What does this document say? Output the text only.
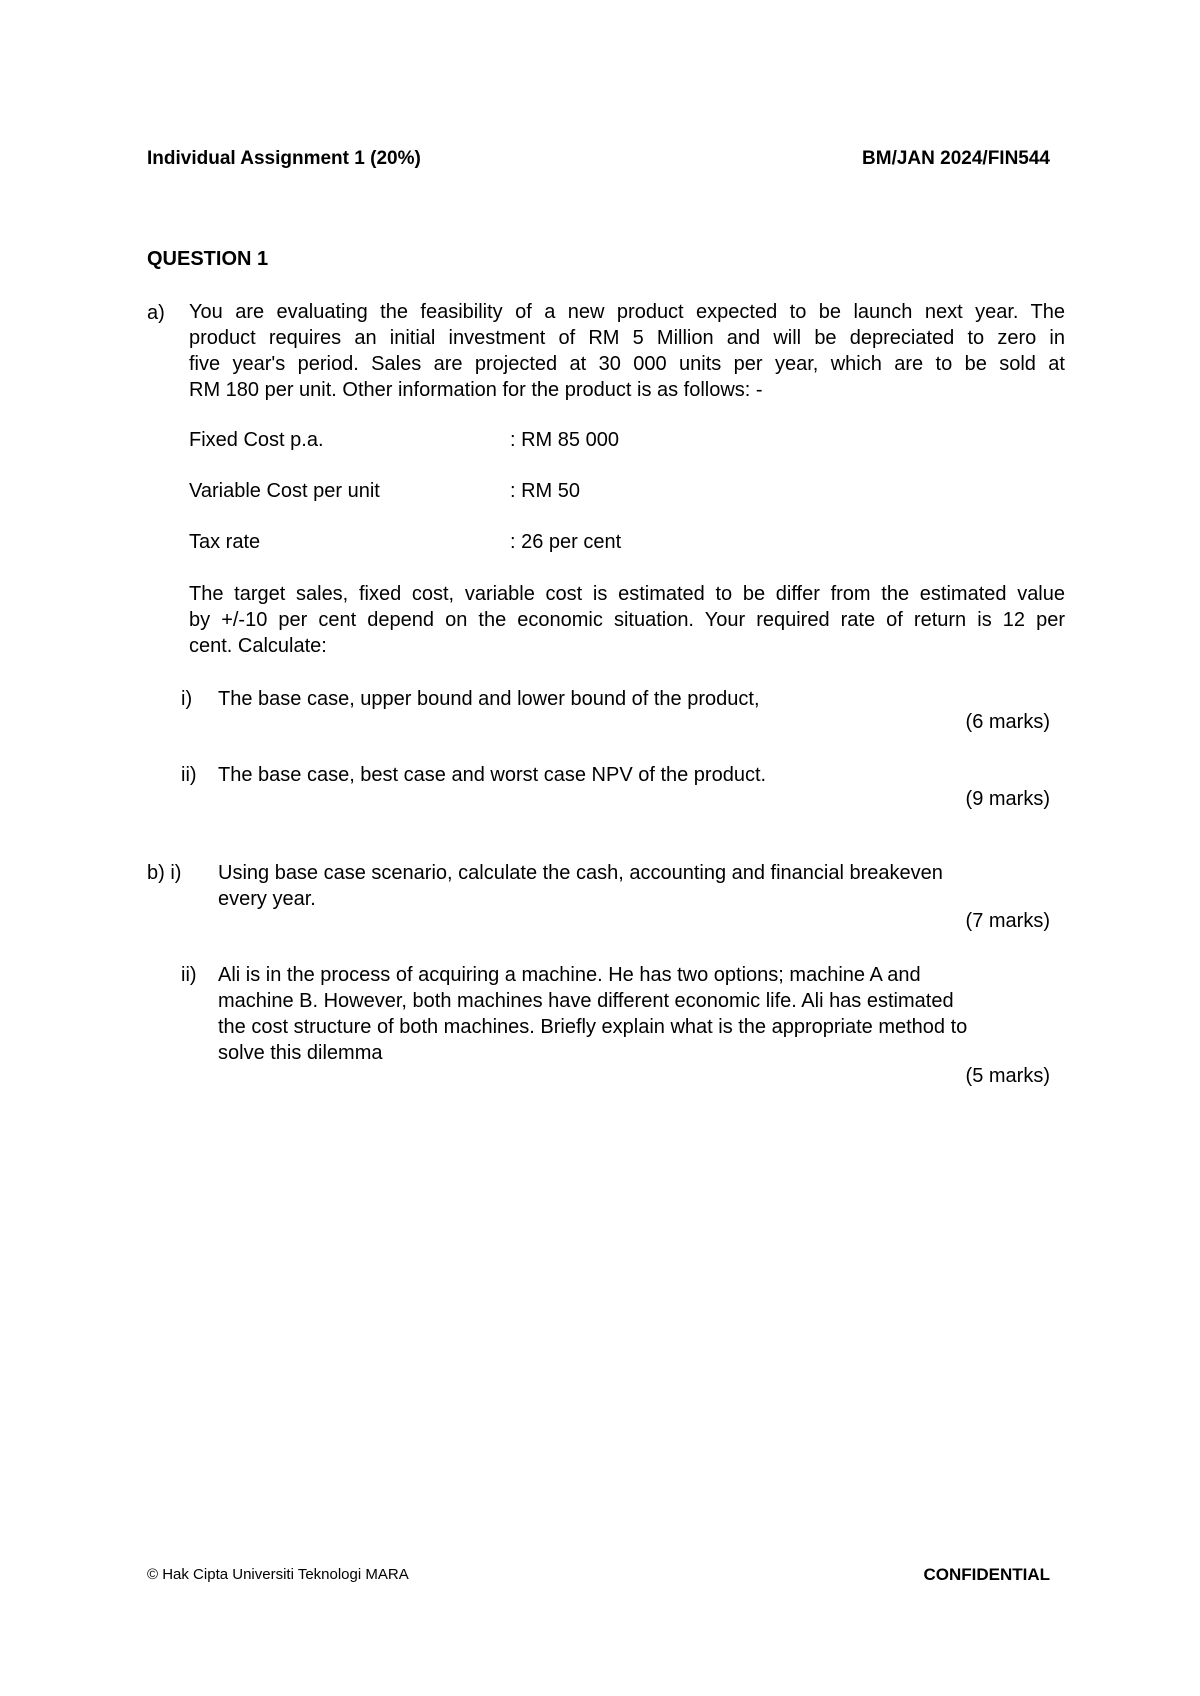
Individual Assignment 1 (20%)	BM/JAN 2024/FIN544
QUESTION 1
a) You are evaluating the feasibility of a new product expected to be launch next year. The
product requires an initial investment of RM 5 Million and will be depreciated to zero in
five year's period. Sales are projected at 30 000 units per year, which are to be sold at
RM 180 per unit. Other information for the product is as follows: -
Fixed Cost p.a.	: RM 85 000
Variable Cost per unit	: RM 50
Tax rate	: 26 per cent
The target sales, fixed cost, variable cost is estimated to be differ from the estimated value
by +/-10 per cent depend on the economic situation. Your required rate of return is 12 per
cent. Calculate:
i) The base case, upper bound and lower bound of the product,
(6 marks)
ii) The base case, best case and worst case NPV of the product.
(9 marks)
b) i) Using base case scenario, calculate the cash, accounting and financial breakeven
every year.
(7 marks)
ii) Ali is in the process of acquiring a machine. He has two options; machine A and
machine B. However, both machines have different economic life. Ali has estimated
the cost structure of both machines. Briefly explain what is the appropriate method to
solve this dilemma
(5 marks)
© Hak Cipta Universiti Teknologi MARA	CONFIDENTIAL
